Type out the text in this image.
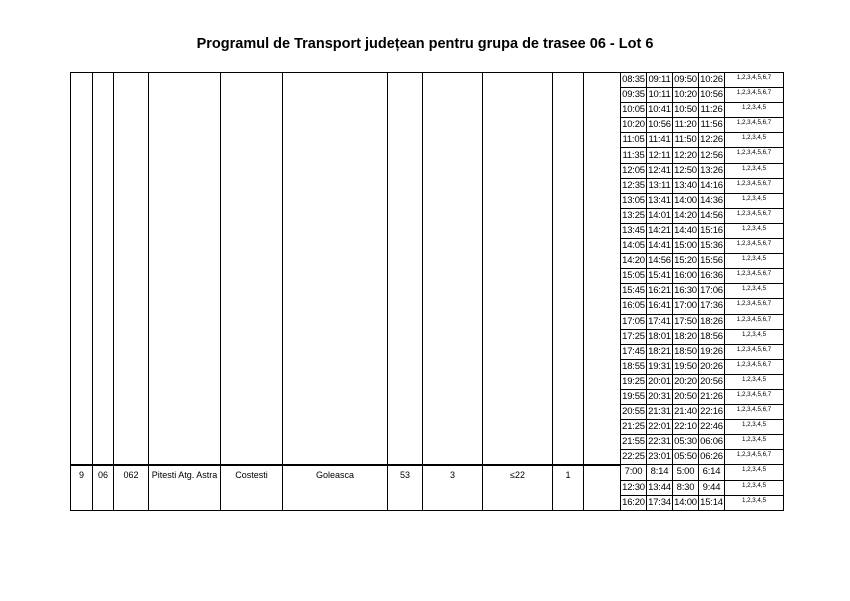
Programul de Transport județean pentru grupa de trasee 06 - Lot 6
											08:35	09:11	09:50	10:26	1,2,3,4,5,6,7
											09:35	10:11	10:20	10:56	1,2,3,4,5,6,7
											10:05	10:41	10:50	11:26	1,2,3,4,5
											10:20	10:56	11:20	11:56	1,2,3,4,5,6,7
											11:05	11:41	11:50	12:26	1,2,3,4,5
											11:35	12:11	12:20	12:56	1,2,3,4,5,6,7
											12:05	12:41	12:50	13:26	1,2,3,4,5
											12:35	13:11	13:40	14:16	1,2,3,4,5,6,7
											13:05	13:41	14:00	14:36	1,2,3,4,5
											13:25	14:01	14:20	14:56	1,2,3,4,5,6,7
											13:45	14:21	14:40	15:16	1,2,3,4,5
											14:05	14:41	15:00	15:36	1,2,3,4,5,6,7
											14:20	14:56	15:20	15:56	1,2,3,4,5
											15:05	15:41	16:00	16:36	1,2,3,4,5,6,7
											15:45	16:21	16:30	17:06	1,2,3,4,5
											16:05	16:41	17:00	17:36	1,2,3,4,5,6,7
											17:05	17:41	17:50	18:26	1,2,3,4,5,6,7
											17:25	18:01	18:20	18:56	1,2,3,4,5
											17:45	18:21	18:50	19:26	1,2,3,4,5,6,7
											18:55	19:31	19:50	20:26	1,2,3,4,5,6,7
											19:25	20:01	20:20	20:56	1,2,3,4,5
											19:55	20:31	20:50	21:26	1,2,3,4,5,6,7
											20:55	21:31	21:40	22:16	1,2,3,4,5,6,7
											21:25	22:01	22:10	22:46	1,2,3,4,5
											21:55	22:31	05:30	06:06	1,2,3,4,5
											22:25	23:01	05:50	06:26	1,2,3,4,5,6,7
9	06	062	Pitesti Atg. Astra	Costesti	Goleasca	53	3	≤22	1		7:00	8:14	5:00	6:14	1,2,3,4,5
											12:30	13:44	8:30	9:44	1,2,3,4,5
											16:20	17:34	14:00	15:14	1,2,3,4,5
